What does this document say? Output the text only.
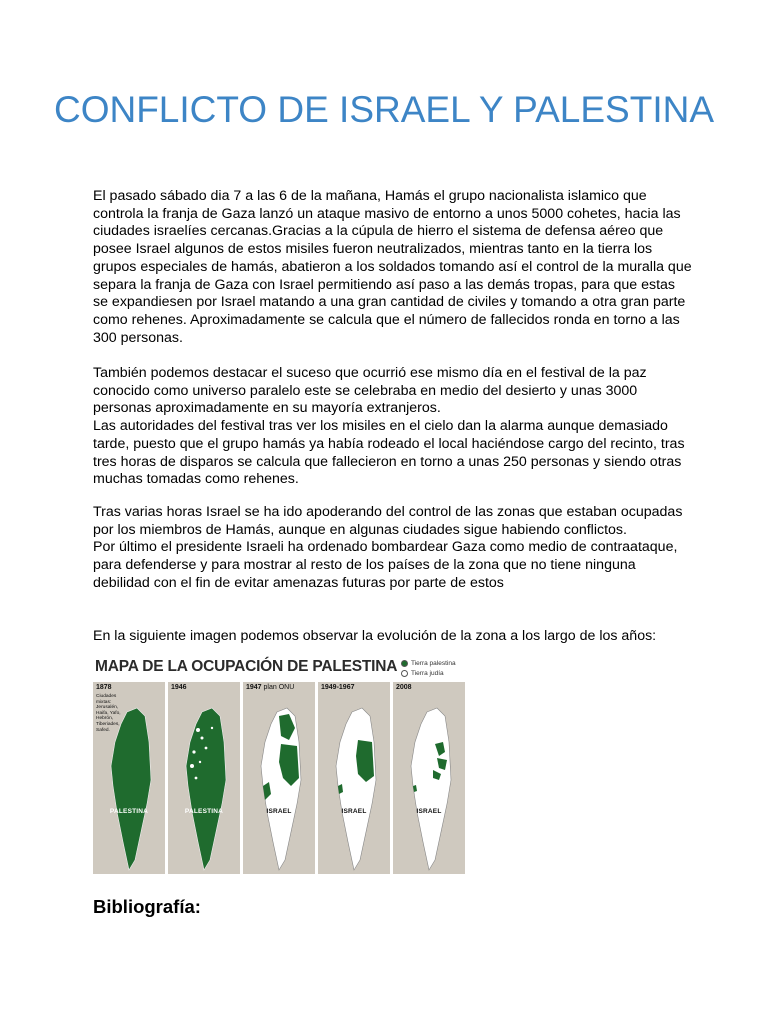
CONFLICTO DE ISRAEL Y PALESTINA

El pasado sábado dia 7 a las 6 de la mañana, Hamás el grupo nacionalista islamico que controla la franja de Gaza lanzó un ataque masivo de entorno a unos 5000 cohetes, hacia las ciudades israelíes cercanas.Gracias a la cúpula de hierro el sistema de defensa aéreo que posee Israel algunos de estos misiles fueron neutralizados, mientras tanto en la tierra los grupos especiales de hamás, abatieron a los soldados tomando así el control de la muralla que separa la franja de Gaza con Israel permitiendo así paso a las demás tropas, para que estas se expandiesen por Israel matando a una gran cantidad de civiles y tomando a otra gran parte como rehenes. Aproximadamente se calcula que el número de fallecidos ronda en torno a las 300 personas.

También podemos destacar el suceso que ocurrió ese mismo día en el festival de la paz conocido como universo paralelo este se celebraba en medio del desierto y unas 3000 personas aproximadamente en su mayoría extranjeros.
Las autoridades del festival tras ver los misiles en el cielo dan la alarma aunque demasiado tarde, puesto que el grupo hamás ya había rodeado el local haciéndose cargo del recinto, tras tres horas de disparos se calcula que fallecieron en torno a unas 250 personas y siendo otras muchas tomadas como rehenes.

Tras varias horas Israel se ha ido apoderando del control de las zonas que estaban ocupadas por los miembros de Hamás, aunque en algunas ciudades sigue habiendo conflictos.
Por último el presidente Israeli ha ordenado bombardear Gaza como medio de contraataque, para defenderse y para mostrar al resto de los países de la zona que no tiene ninguna debilidad con el fin de evitar amenazas futuras por parte de estos

En la siguiente imagen podemos observar la evolución de la zona a los largo de los años:

MAPA DE LA OCUPACIÓN DE PALESTINA Tierra palestina
Tierra judía
1878
Ciudades
mixtas:
Jerusalén,
Haifa, Yafo,
Hebrón,
Tiberiades,
Safed.
PALESTINA
1946
PALESTINA
1947 plan ONU
ISRAEL
1949-1967
ISRAEL
2008
ISRAEL
Bibliografía:
